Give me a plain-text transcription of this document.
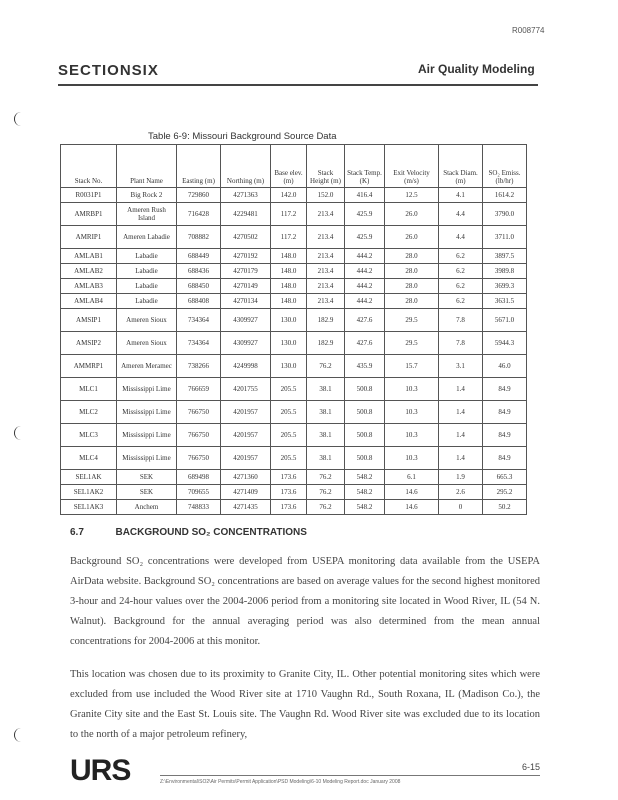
R008774
SECTIONSIX	Air Quality Modeling
Table 6-9: Missouri Background Source Data
Stack No.	Plant Name	Easting (m)	Northing (m)	Base elev. (m)	Stack Height (m)	Stack Temp. (K)	Exit Velocity (m/s)	Stack Diam. (m)	SO₂ Emiss. (lb/hr)
R0031P1	Big Rock 2	729860	4271363	142.0	152.0	416.4	12.5	4.1	1614.2
AMRBP1	Ameren Rush Island	716428	4229481	117.2	213.4	425.9	26.0	4.4	3790.0
AMRIP1	Ameren Labadie	708882	4270502	117.2	213.4	425.9	26.0	4.4	3711.0
AMLAB1	Labadie	688449	4270192	148.0	213.4	444.2	28.0	6.2	3897.5
AMLAB2	Labadie	688436	4270179	148.0	213.4	444.2	28.0	6.2	3989.8
AMLAB3	Labadie	688450	4270149	148.0	213.4	444.2	28.0	6.2	3699.3
AMLAB4	Labadie	688408	4270134	148.0	213.4	444.2	28.0	6.2	3631.5
AMSIP1	Ameren Sioux	734364	4309927	130.0	182.9	427.6	29.5	7.8	5671.0
AMSIP2	Ameren Sioux	734364	4309927	130.0	182.9	427.6	29.5	7.8	5944.3
AMMRP1	Ameren Meramec	738266	4249998	130.0	76.2	435.9	15.7	3.1	46.0
MLC1	Mississippi Lime	766659	4201755	205.5	38.1	500.8	10.3	1.4	84.9
MLC2	Mississippi Lime	766750	4201957	205.5	38.1	500.8	10.3	1.4	84.9
MLC3	Mississippi Lime	766750	4201957	205.5	38.1	500.8	10.3	1.4	84.9
MLC4	Mississippi Lime	766750	4201957	205.5	38.1	500.8	10.3	1.4	84.9
SEL1AK	SEK	689498	4271360	173.6	76.2	548.2	6.1	1.9	665.3
SEL1AK2	SEK	709655	4271409	173.6	76.2	548.2	14.6	2.6	295.2
SEL1AK3	Anchem	748833	4271435	173.6	76.2	548.2	14.6	0	50.2
6.7	BACKGROUND SO₂ CONCENTRATIONS
Background SO₂ concentrations were developed from USEPA monitoring data available from the USEPA AirData website. Background SO₂ concentrations are based on average values for the second highest monitored 3-hour and 24-hour values over the 2004-2006 period from a monitoring site located in Wood River, IL (54 N. Walnut). Background for the annual averaging period was also determined from the mean annual concentrations for 2004-2006 at this monitor.
This location was chosen due to its proximity to Granite City, IL. Other potential monitoring sites which were excluded from use included the Wood River site at 1710 Vaughn Rd., South Roxana, IL (Madison Co.), the Granite City site and the East St. Louis site. The Vaughn Rd. Wood River site was excluded due to its location to the north of a major petroleum refinery,
URS	Z:\Environmental\SO2\Air Permits\Permit Application\PSD Modeling\6-10 Modeling Report.doc January 2008
6-15
